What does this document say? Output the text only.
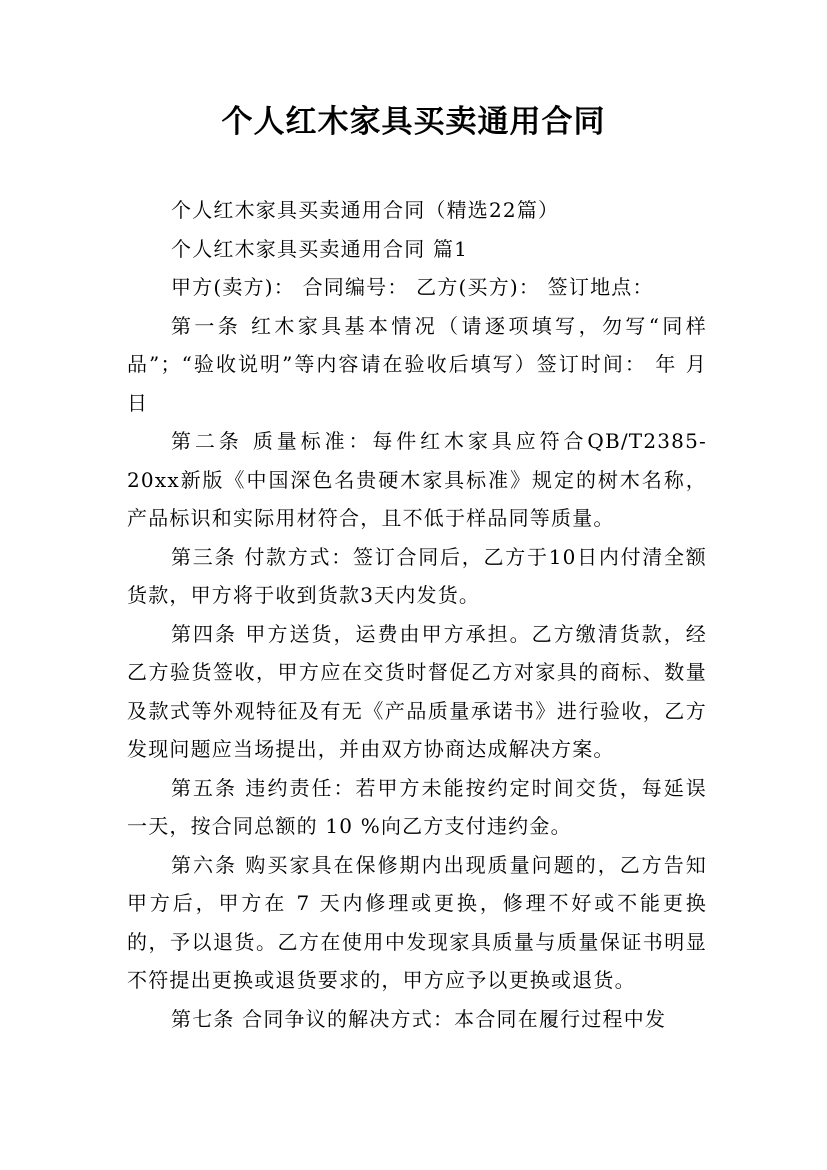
个人红木家具买卖通用合同

个人红木家具买卖通用合同（精选22篇）

个人红木家具买卖通用合同 篇1

甲方(卖方)： 合同编号： 乙方(买方)： 签订地点：

第一条 红木家具基本情况（请逐项填写，勿写“同样品”；“验收说明”等内容请在验收后填写）签订时间： 年 月 日

第二条 质量标准：每件红木家具应符合QB/T2385-20xx新版《中国深色名贵硬木家具标准》规定的树木名称，产品标识和实际用材符合，且不低于样品同等质量。

第三条 付款方式：签订合同后，乙方于10日内付清全额货款，甲方将于收到货款3天内发货。

第四条 甲方送货，运费由甲方承担。乙方缴清货款，经乙方验货签收，甲方应在交货时督促乙方对家具的商标、数量及款式等外观特征及有无《产品质量承诺书》进行验收，乙方发现问题应当场提出，并由双方协商达成解决方案。

第五条 违约责任：若甲方未能按约定时间交货，每延误一天，按合同总额的 10 %向乙方支付违约金。

第六条 购买家具在保修期内出现质量问题的，乙方告知甲方后，甲方在 7 天内修理或更换，修理不好或不能更换的，予以退货。乙方在使用中发现家具质量与质量保证书明显不符提出更换或退货要求的，甲方应予以更换或退货。

第七条 合同争议的解决方式：本合同在履行过程中发
